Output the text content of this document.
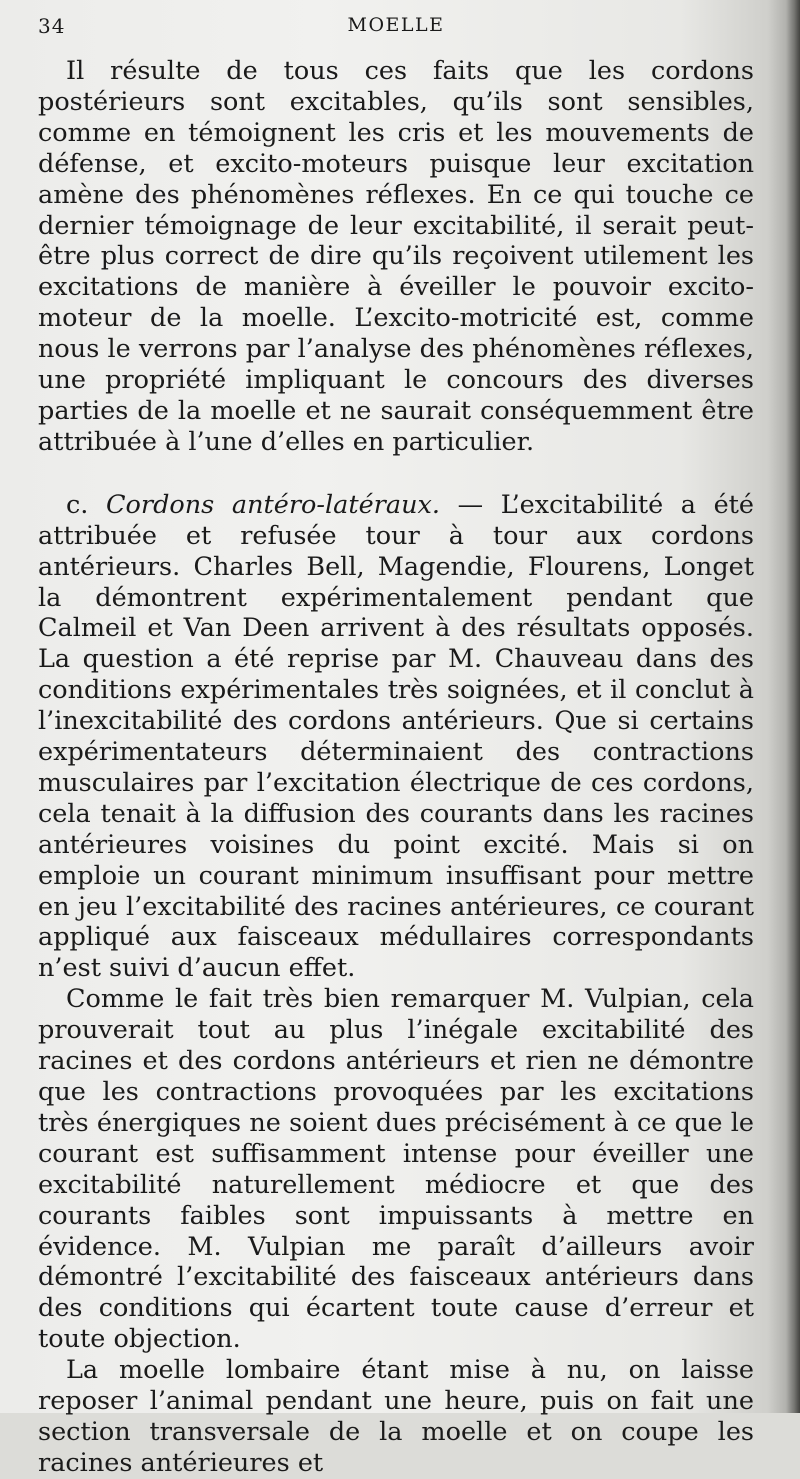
34	MOELLE

Il résulte de tous ces faits que les cordons postérieurs sont excitables, qu’ils sont sensibles, comme en témoignent les cris et les mouvements de défense, et excito-moteurs puisque leur excitation amène des phénomènes réflexes. En ce qui touche ce dernier témoignage de leur excitabilité, il serait peut-être plus correct de dire qu’ils reçoivent utilement les excitations de manière à éveiller le pouvoir excito-moteur de la moelle. L’excito-motricité est, comme nous le verrons par l’analyse des phénomènes réflexes, une propriété impliquant le concours des diverses parties de la moelle et ne saurait conséquemment être attribuée à l’une d’elles en particulier.

c. Cordons antéro-latéraux. — L’excitabilité a été attribuée et refusée tour à tour aux cordons antérieurs. Charles Bell, Magendie, Flourens, Longet la démontrent expérimentalement pendant que Calmeil et Van Deen arrivent à des résultats opposés. La question a été reprise par M. Chauveau dans des conditions expérimentales très soignées, et il conclut à l’inexcitabilité des cordons antérieurs. Que si certains expérimentateurs déterminaient des contractions musculaires par l’excitation électrique de ces cordons, cela tenait à la diffusion des courants dans les racines antérieures voisines du point excité. Mais si on emploie un courant minimum insuffisant pour mettre en jeu l’excitabilité des racines antérieures, ce courant appliqué aux faisceaux médullaires correspondants n’est suivi d’aucun effet.

Comme le fait très bien remarquer M. Vulpian, cela prouverait tout au plus l’inégale excitabilité des racines et des cordons antérieurs et rien ne démontre que les contractions provoquées par les excitations très énergiques ne soient dues précisément à ce que le courant est suffisamment intense pour éveiller une excitabilité naturellement médiocre et que des courants faibles sont impuissants à mettre en évidence. M. Vulpian me paraît d’ailleurs avoir démontré l’excitabilité des faisceaux antérieurs dans des conditions qui écartent toute cause d’erreur et toute objection.

La moelle lombaire étant mise à nu, on laisse reposer l’animal pendant une heure, puis on fait une section transversale de la moelle et on coupe les racines antérieures et
